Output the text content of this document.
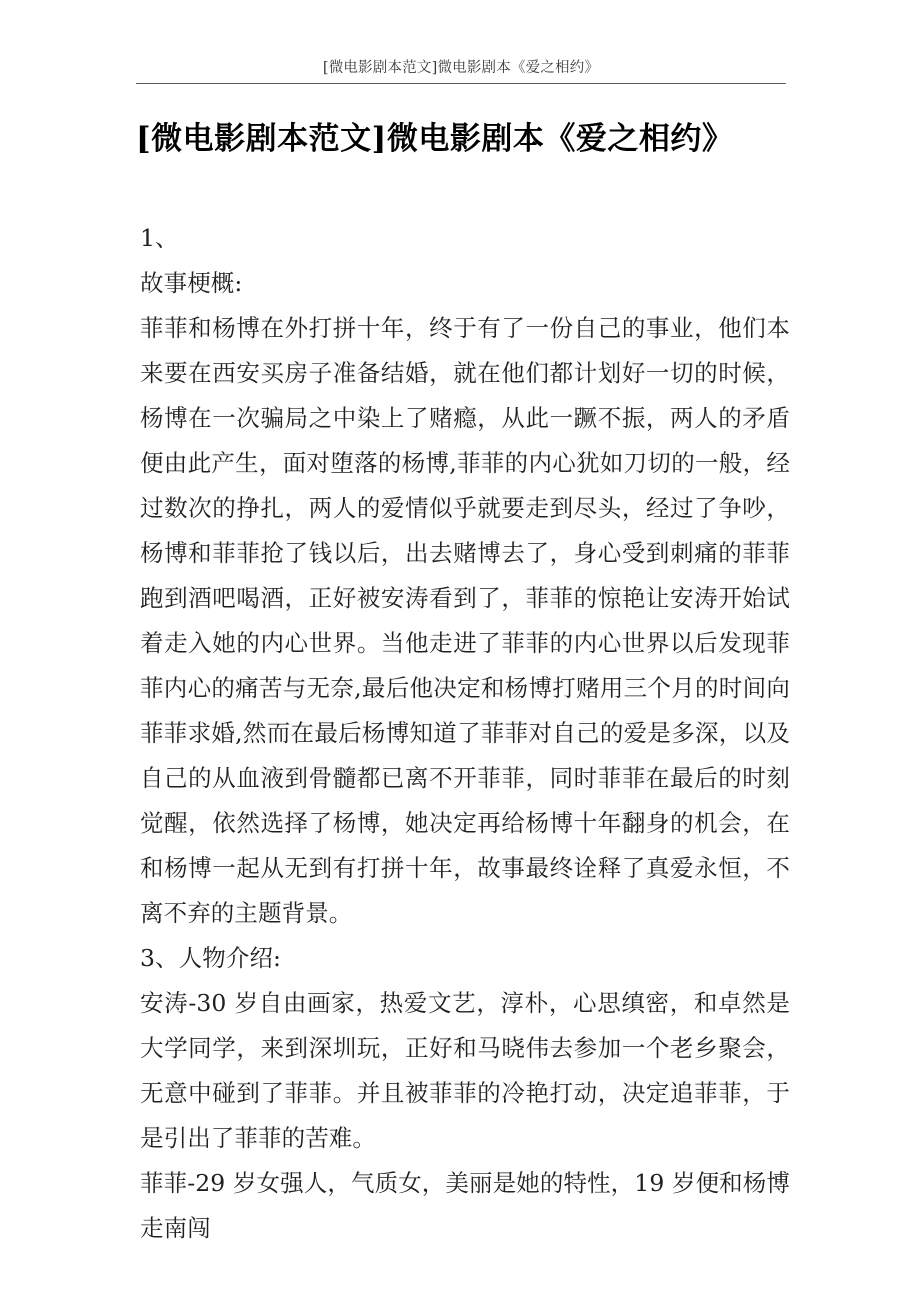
[微电影剧本范文]微电影剧本《爱之相约》
[微电影剧本范文]微电影剧本《爱之相约》

1、

故事梗概:

菲菲和杨博在外打拼十年，终于有了一份自己的事业，他们本来要在西安买房子准备结婚，就在他们都计划好一切的时候，杨博在一次骗局之中染上了赌瘾，从此一蹶不振，两人的矛盾便由此产生，面对堕落的杨博,菲菲的内心犹如刀切的一般，经过数次的挣扎，两人的爱情似乎就要走到尽头，经过了争吵，杨博和菲菲抢了钱以后，出去赌博去了，身心受到刺痛的菲菲跑到酒吧喝酒，正好被安涛看到了，菲菲的惊艳让安涛开始试着走入她的内心世界。当他走进了菲菲的内心世界以后发现菲菲内心的痛苦与无奈,最后他决定和杨博打赌用三个月的时间向菲菲求婚,然而在最后杨博知道了菲菲对自己的爱是多深，以及自己的从血液到骨髓都已离不开菲菲，同时菲菲在最后的时刻觉醒，依然选择了杨博，她决定再给杨博十年翻身的机会，在和杨博一起从无到有打拼十年，故事最终诠释了真爱永恒，不离不弃的主题背景。

3、人物介绍:

安涛-30 岁自由画家，热爱文艺，淳朴，心思缜密，和卓然是大学同学，来到深圳玩，正好和马晓伟去参加一个老乡聚会，无意中碰到了菲菲。并且被菲菲的冷艳打动，决定追菲菲，于是引出了菲菲的苦难。

菲菲-29 岁女强人，气质女，美丽是她的特性，19 岁便和杨博走南闯
